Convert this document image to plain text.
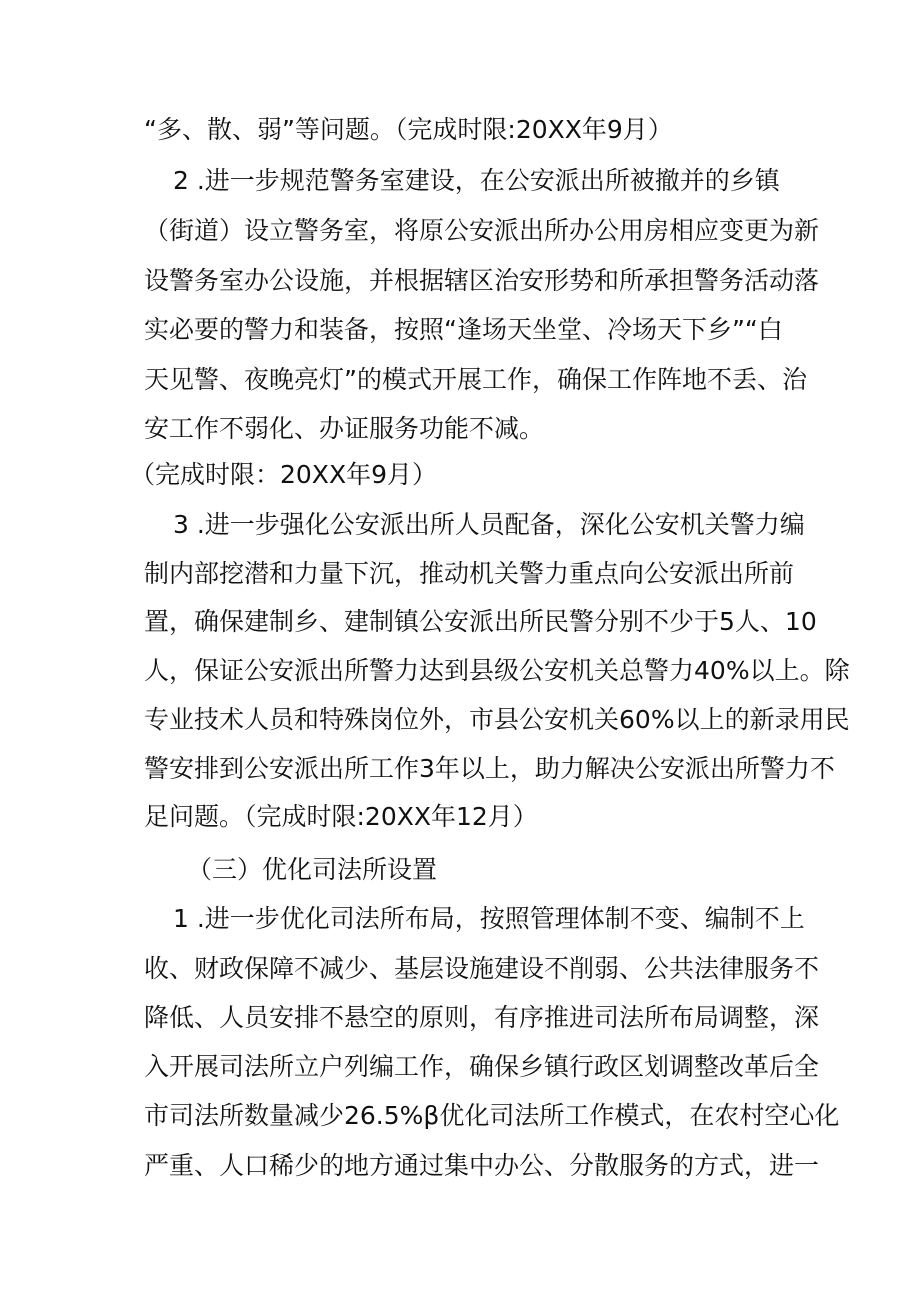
“多、散、弱”等问题。（完成时限:20XX年9月）
2 .进一步规范警务室建设，在公安派出所被撤并的乡镇
（街道）设立警务室，将原公安派出所办公用房相应变更为新
设警务室办公设施，并根据辖区治安形势和所承担警务活动落
实必要的警力和装备，按照“逢场天坐堂、冷场天下乡”“白
天见警、夜晚亮灯”的模式开展工作，确保工作阵地不丢、治
安工作不弱化、办证服务功能不减。
（完成时限：20XX年9月）
3 .进一步强化公安派出所人员配备，深化公安机关警力编
制内部挖潜和力量下沉，推动机关警力重点向公安派出所前
置，确保建制乡、建制镇公安派出所民警分别不少于5人、10
人，保证公安派出所警力达到县级公安机关总警力40%以上。除
专业技术人员和特殊岗位外，市县公安机关60%以上的新录用民
警安排到公安派出所工作3年以上，助力解决公安派出所警力不
足问题。（完成时限:20XX年12月）
（三）优化司法所设置
1 .进一步优化司法所布局，按照管理体制不变、编制不上
收、财政保障不减少、基层设施建设不削弱、公共法律服务不
降低、人员安排不悬空的原则，有序推进司法所布局调整，深
入开展司法所立户列编工作，确保乡镇行政区划调整改革后全
市司法所数量减少26.5%β优化司法所工作模式，在农村空心化
严重、人口稀少的地方通过集中办公、分散服务的方式，进一
